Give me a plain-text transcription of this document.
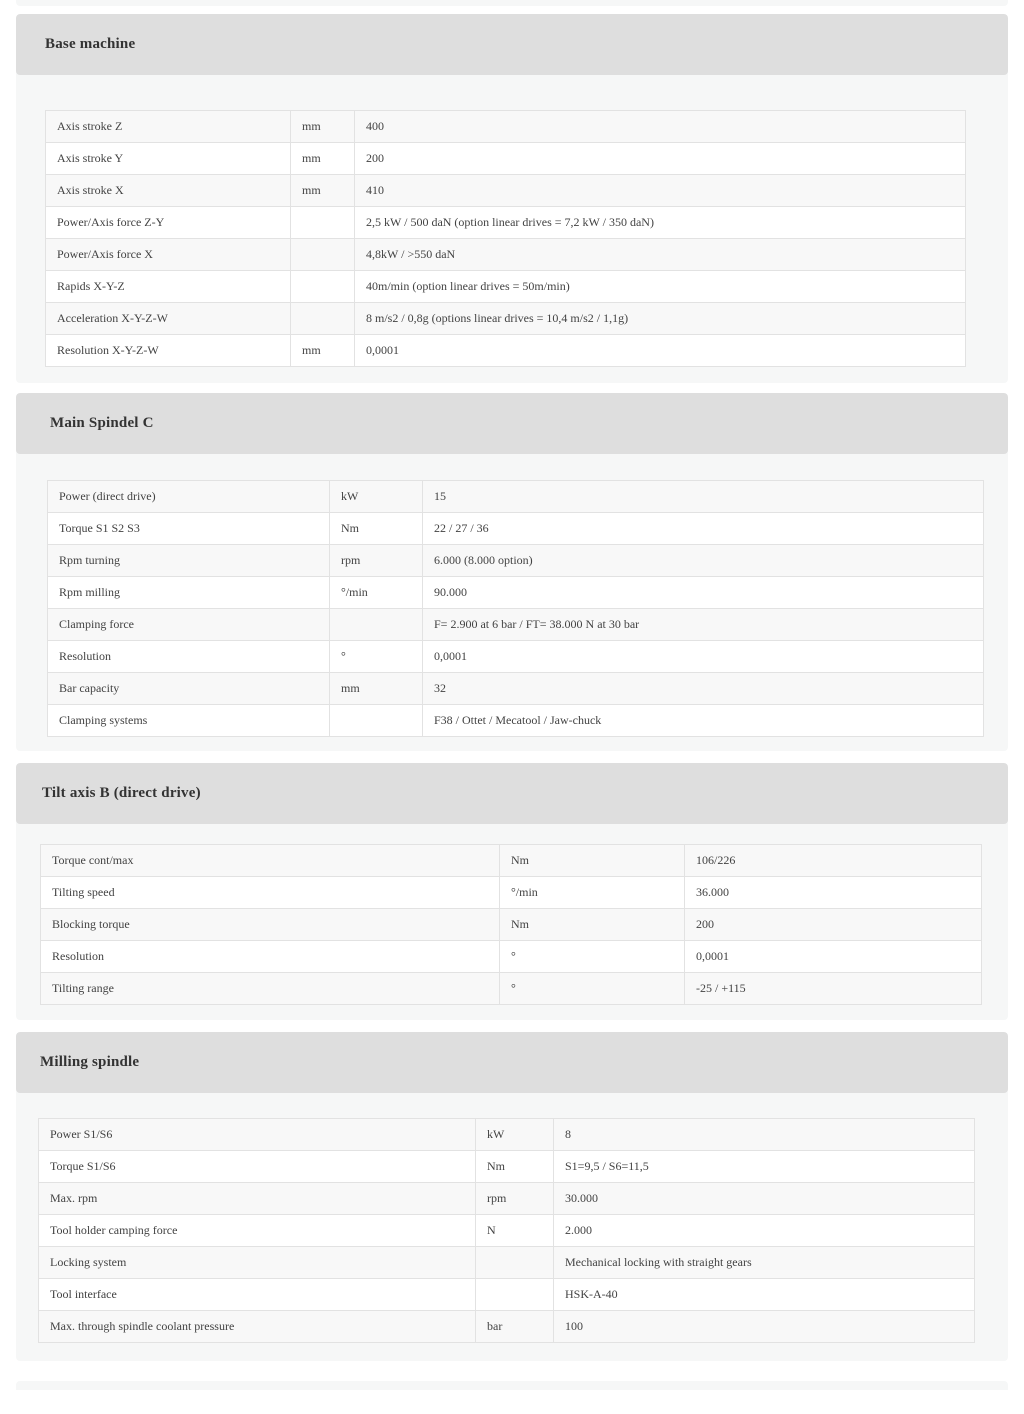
Base machine
Axis stroke Z	mm	400
Axis stroke Y	mm	200
Axis stroke X	mm	410
Power/Axis force Z-Y		2,5 kW / 500 daN (option linear drives = 7,2 kW / 350 daN)
Power/Axis force X		4,8kW / >550 daN
Rapids X-Y-Z		40m/min (option linear drives = 50m/min)
Acceleration X-Y-Z-W		8 m/s2 / 0,8g (options linear drives = 10,4 m/s2 / 1,1g)
Resolution X-Y-Z-W	mm	0,0001
Main Spindel C
Power (direct drive)	kW	15
Torque S1 S2 S3	Nm	22 / 27 / 36
Rpm turning	rpm	6.000 (8.000 option)
Rpm milling	°/min	90.000
Clamping force		F= 2.900 at 6 bar / FT= 38.000 N at 30 bar
Resolution	°	0,0001
Bar capacity	mm	32
Clamping systems		F38 / Ottet / Mecatool / Jaw-chuck
Tilt axis B (direct drive)
Torque cont/max	Nm	106/226
Tilting speed	°/min	36.000
Blocking torque	Nm	200
Resolution	°	0,0001
Tilting range	°	-25 / +115
Milling spindle
Power S1/S6	kW	8
Torque S1/S6	Nm	S1=9,5 / S6=11,5
Max. rpm	rpm	30.000
Tool holder camping force	N	2.000
Locking system		Mechanical locking with straight gears
Tool interface		HSK-A-40
Max. through spindle coolant pressure	bar	100
